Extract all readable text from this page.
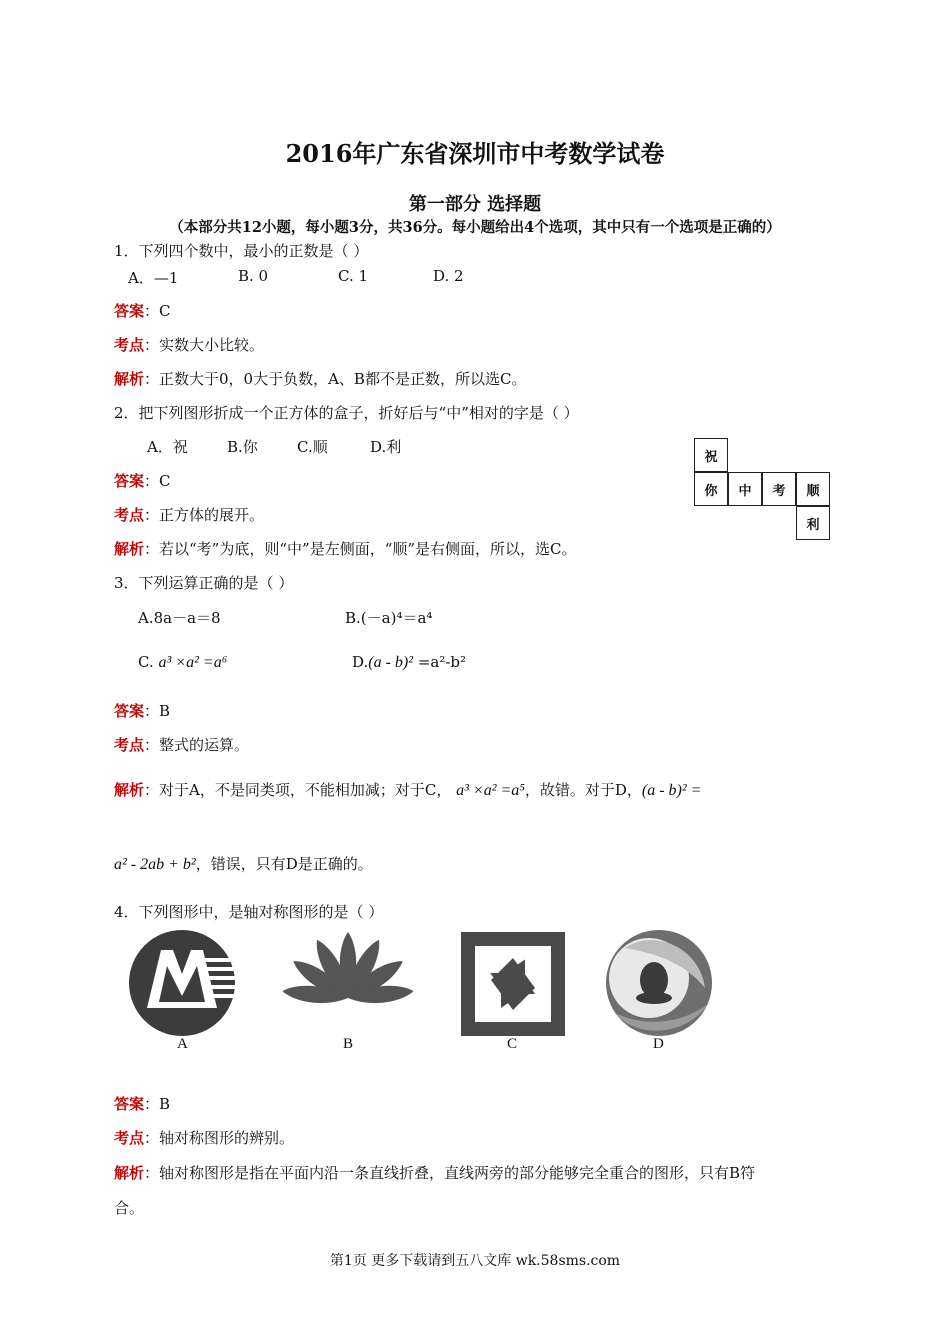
2016年广东省深圳市中考数学试卷
第一部分 选择题
（本部分共12小题，每小题3分，共36分。每小题给出4个选项，其中只有一个选项是正确的）
1．下列四个数中，最小的正数是（ ）
A．—1	B. 0	C. 1	D. 2
答案：C
考点：实数大小比较。
解析：正数大于0，0大于负数，A、B都不是正数，所以选C。
2．把下列图形折成一个正方体的盒子，折好后与“中”相对的字是（ ）
A．祝	B.你	C.顺	D.利
祝
你	中	考	顺
利
答案：C
考点：正方体的展开。
解析：若以“考”为底，则“中”是左侧面，“顺”是右侧面，所以，选C。
3．下列运算正确的是（ ）
A.8a－a＝8	B.(－a)⁴＝a⁴
C. a³ ×a² =a⁶	D.(a - b)² =a²-b²
答案：B
考点：整式的运算。
解析：对于A，不是同类项，不能相加减；对于C， a³ ×a² =a⁵，故错。对于D，(a - b)² =
a² - 2ab + b²，错误，只有D是正确的。
4．下列图形中，是轴对称图形的是（ ）
A	B	C	D
答案：B
考点：轴对称图形的辨别。
解析：轴对称图形是指在平面内沿一条直线折叠，直线两旁的部分能够完全重合的图形，只有B符
合。
第1页 更多下载请到五八文库 wk.58sms.com
